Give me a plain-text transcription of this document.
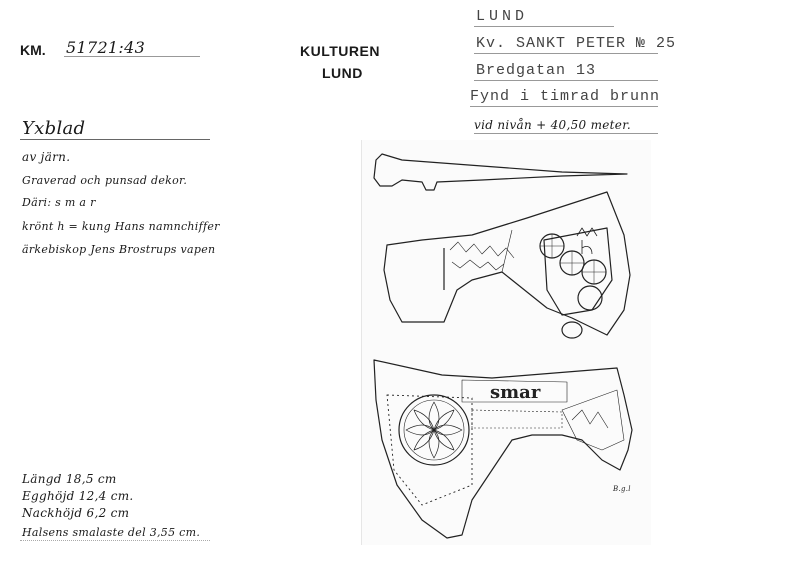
KM. 51721:43	KULTUREN
LUND
LUND
Kv. SANKT PETER № 25
Bredgatan 13
Fynd i timrad brunn
vid nivån + 40,50 meter.
Yxblad
av järn.
Graverad och punsad dekor.
Däri: s m a r
krönt h = kung Hans namnchiffer
ärkebiskop Jens Brostrups vapen
Längd 18,5 cm
Egghöjd 12,4 cm.
Nackhöjd 6,2 cm
Halsens smalaste del 3,55 cm.
smar
B.g.l
